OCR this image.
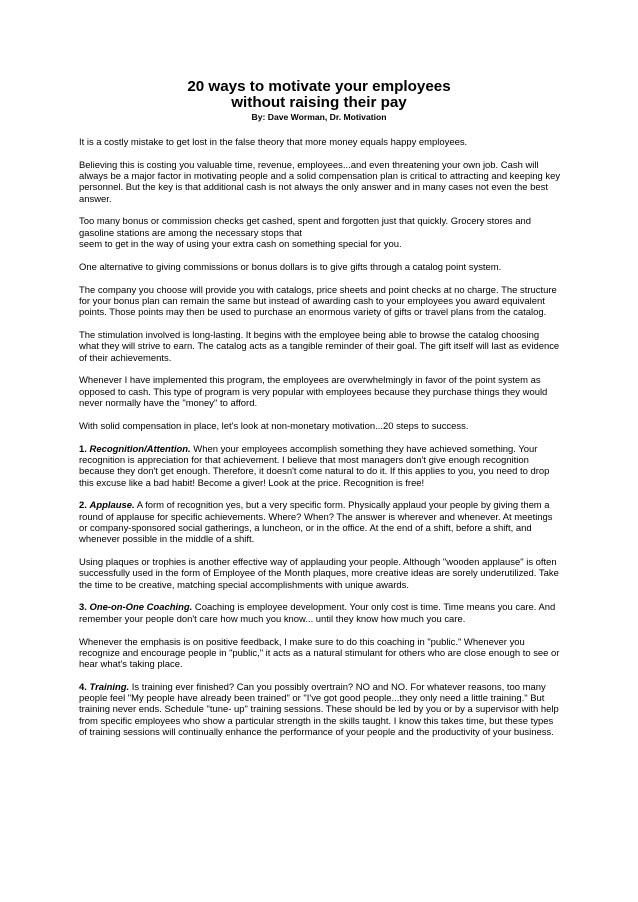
20 ways to motivate your employees
without raising their pay

By: Dave Worman, Dr. Motivation

It is a costly mistake to get lost in the false theory that more money equals happy employees.

Believing this is costing you valuable time, revenue, employees...and even threatening your own job. Cash will always be a major factor in motivating people and a solid compensation plan is critical to attracting and keeping key personnel. But the key is that additional cash is not always the only answer and in many cases not even the best answer.

Too many bonus or commission checks get cashed, spent and forgotten just that quickly. Grocery stores and gasoline stations are among the necessary stops that
seem to get in the way of using your extra cash on something special for you.

One alternative to giving commissions or bonus dollars is to give gifts through a catalog point system.

The company you choose will provide you with catalogs, price sheets and point checks at no charge. The structure for your bonus plan can remain the same but instead of awarding cash to your employees you award equivalent points. Those points may then be used to purchase an enormous variety of gifts or travel plans from the catalog.

The stimulation involved is long-lasting. It begins with the employee being able to browse the catalog choosing what they will strive to earn. The catalog acts as a tangible reminder of their goal. The gift itself will last as evidence of their achievements.

Whenever I have implemented this program, the employees are overwhelmingly in favor of the point system as opposed to cash. This type of program is very popular with employees because they purchase things they would never normally have the "money" to afford.

With solid compensation in place, let's look at non-monetary motivation...20 steps to success.

1. Recognition/Attention. When your employees accomplish something they have achieved something. Your recognition is appreciation for that achievement. I believe that most managers don't give enough recognition because they don't get enough. Therefore, it doesn't come natural to do it. If this applies to you, you need to drop this excuse like a bad habit! Become a giver! Look at the price. Recognition is free!

2. Applause. A form of recognition yes, but a very specific form. Physically applaud your people by giving them a round of applause for specific achievements. Where? When? The answer is wherever and whenever. At meetings or company-sponsored social gatherings, a luncheon, or in the office. At the end of a shift, before a shift, and whenever possible in the middle of a shift.

Using plaques or trophies is another effective way of applauding your people. Although "wooden applause" is often successfully used in the form of Employee of the Month plaques, more creative ideas are sorely underutilized. Take the time to be creative, matching special accomplishments with unique awards.

3. One-on-One Coaching. Coaching is employee development. Your only cost is time. Time means you care. And remember your people don't care how much you know... until they know how much you care.

Whenever the emphasis is on positive feedback, I make sure to do this coaching in "public." Whenever you recognize and encourage people in "public," it acts as a natural stimulant for others who are close enough to see or hear what's taking place.

4. Training. Is training ever finished? Can you possibly overtrain? NO and NO. For whatever reasons, too many people feel "My people have already been trained" or "I've got good people...they only need a little training." But training never ends. Schedule "tune- up" training sessions. These should be led by you or by a supervisor with help from specific employees who show a particular strength in the skills taught. I know this takes time, but these types of training sessions will continually enhance the performance of your people and the productivity of your business.
